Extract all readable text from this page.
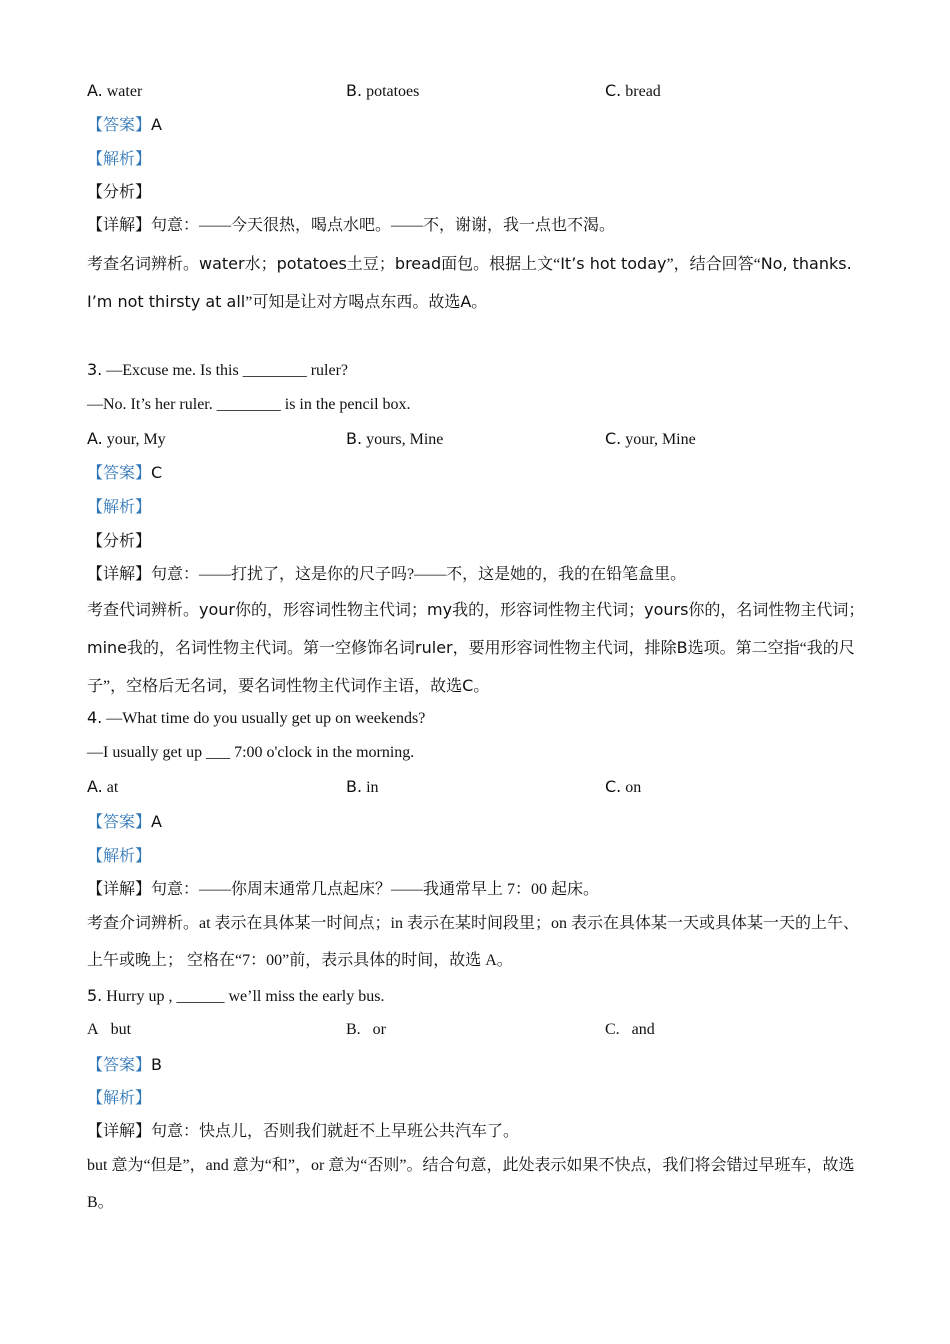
A. water	B. potatoes	C. bread
【答案】A
【解析】
【分析】
【详解】句意：——今天很热，喝点水吧。——不，谢谢，我一点也不渴。
考查名词辨析。water水；potatoes土豆；bread面包。根据上文“It’s hot today”，结合回答“No, thanks. I’m not thirsty at all”可知是让对方喝点东西。故选A。
3. —Excuse me. Is this ________ ruler?
—No. It’s her ruler. ________ is in the pencil box.
A. your, My	B. yours, Mine	C. your, Mine
【答案】C
【解析】
【分析】
【详解】句意：——打扰了，这是你的尺子吗?——不，这是她的，我的在铅笔盒里。
考查代词辨析。your你的，形容词性物主代词；my我的，形容词性物主代词；yours你的，名词性物主代词；mine我的，名词性物主代词。第一空修饰名词ruler，要用形容词性物主代词，排除B选项。第二空指“我的尺子”，空格后无名词，要名词性物主代词作主语，故选C。
4. —What time do you usually get up on weekends?
—I usually get up ___ 7:00 o'clock in the morning.
A. at	B. in	C. on
【答案】A
【解析】
【详解】句意：——你周末通常几点起床？——我通常早上 7：00 起床。
考查介词辨析。at 表示在具体某一时间点；in 表示在某时间段里；on 表示在具体某一天或具体某一天的上午、上午或晚上； 空格在“7：00”前，表示具体的时间，故选 A。
5. Hurry up , ______ we’ll miss the early bus.
A but	B. or	C. and
【答案】B
【解析】
【详解】句意：快点儿，否则我们就赶不上早班公共汽车了。
but 意为“但是”，and 意为“和”，or 意为“否则”。结合句意，此处表示如果不快点，我们将会错过早班车，故选 B。
